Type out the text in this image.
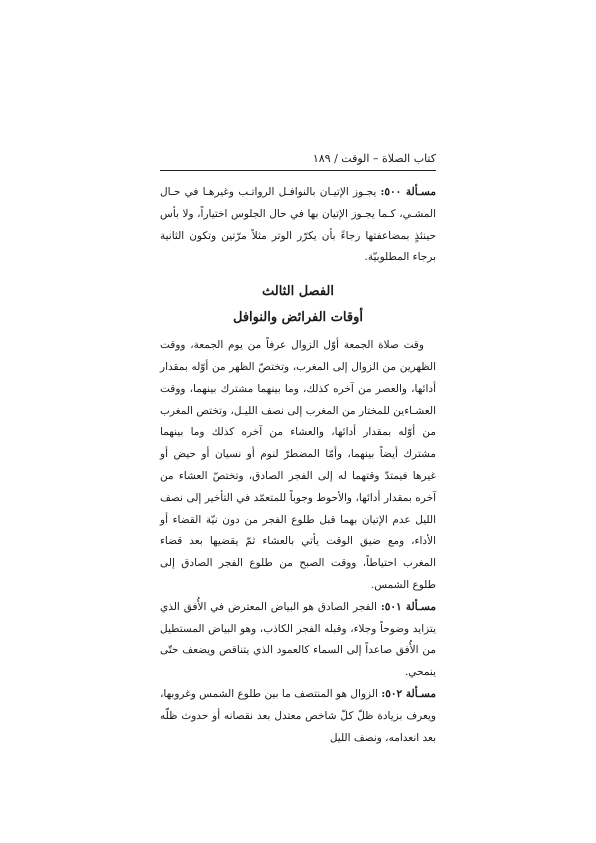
كتاب الصلاة – الوقت / ١٨٩

مسـألة ٥٠٠: يجـوز الإتيـان بالنوافـل الرواتـب وغيرهـا في حـال المشـي، كـما يجـوز الإتيان بها في حال الجلوس اختياراً، ولا بأس حينئذٍ بمضاعفتها رجاءً بأن يكرّر الوتر مثلاً مرّتين وتكون الثانية برجاء المطلوبيّة.

الفصل الثالث
أوقات الفرائض والنوافل

وقت صلاة الجمعة أوّل الزوال عرفاً من يوم الجمعة، ووقت الظهرين من الزوال إلى المغرب، وتختصّ الظهر من أوّله بمقدار أدائها، والعصر من آخره كذلك، وما بينهما مشترك بينهما، ووقت العشـاءين للمختار من المغرب إلى نصف الليـل، وتختص المغرب من أوّله بمقدار أدائها، والعشاء من آخره كذلك وما بينهما مشترك أيضاً بينهما، وأمّا المضطرّ لنوم أو نسيان أو حيض أو غيرها فيمتدّ وقتهما له إلى الفجر الصادق، وتختصّ العشاء من آخره بمقدار أدائها، والأحوط وجوباً للمتعمّد في التأخير إلى نصف الليل عدم الإتيان بهما قبل طلوع الفجر من دون نيّة القضاء أو الأداء، ومع ضيق الوقت يأتي بالعشاء ثمّ يقضيها بعد قضاء المغرب احتياطاً، ووقت الصبح من طلوع الفجر الصادق إلى طلوع الشمس.

مسـألة ٥٠١: الفجر الصادق هو البياض المعترض في الأُفق الذي يتزايد وضوحاً وجلاء، وقبله الفجر الكاذب، وهو البياض المستطيل من الأُفق صاعداً إلى السماء كالعمود الذي يتناقص ويضعف حتّى ينمحي.

مسـألة ٥٠٢: الزوال هو المنتصف ما بين طلوع الشمس وغروبها، ويعرف بزيادة ظلّ كلّ شاخص معتدل بعد نقصانه أو حدوث ظلّه بعد انعدامه، ونصف الليل
